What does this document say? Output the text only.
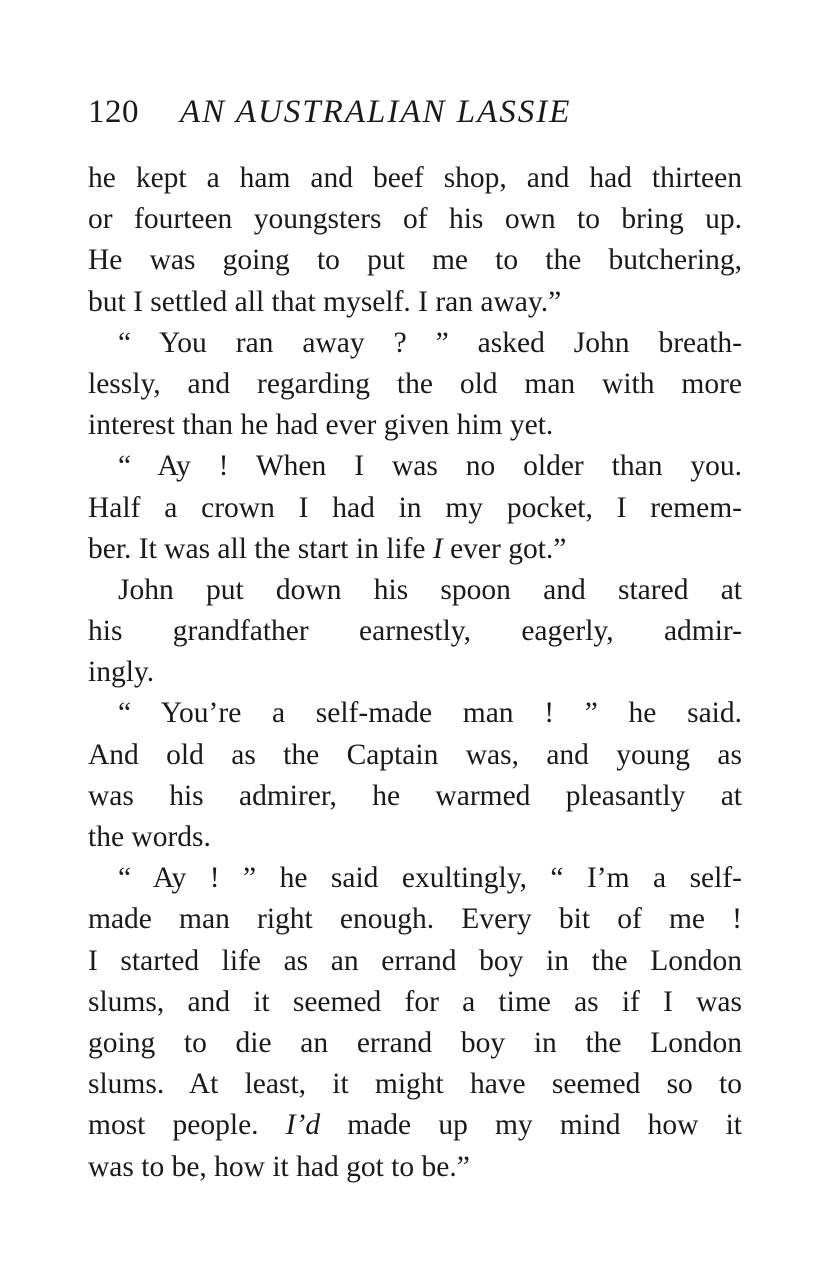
120 AN AUSTRALIAN LASSIE
he kept a ham and beef shop, and had thirteen
or fourteen youngsters of his own to bring up.
He was going to put me to the butchering,
but I settled all that myself. I ran away.”
“ You ran away ? ” asked John breath-
lessly, and regarding the old man with more
interest than he had ever given him yet.
“ Ay ! When I was no older than you.
Half a crown I had in my pocket, I remem-
ber. It was all the start in life I ever got.”
John put down his spoon and stared at
his grandfather earnestly, eagerly, admir-
ingly.
“ You’re a self-made man ! ” he said.
And old as the Captain was, and young as
was his admirer, he warmed pleasantly at
the words.
“ Ay ! ” he said exultingly, “ I’m a self-
made man right enough. Every bit of me !
I started life as an errand boy in the London
slums, and it seemed for a time as if I was
going to die an errand boy in the London
slums. At least, it might have seemed so to
most people. I’d made up my mind how it
was to be, how it had got to be.”
